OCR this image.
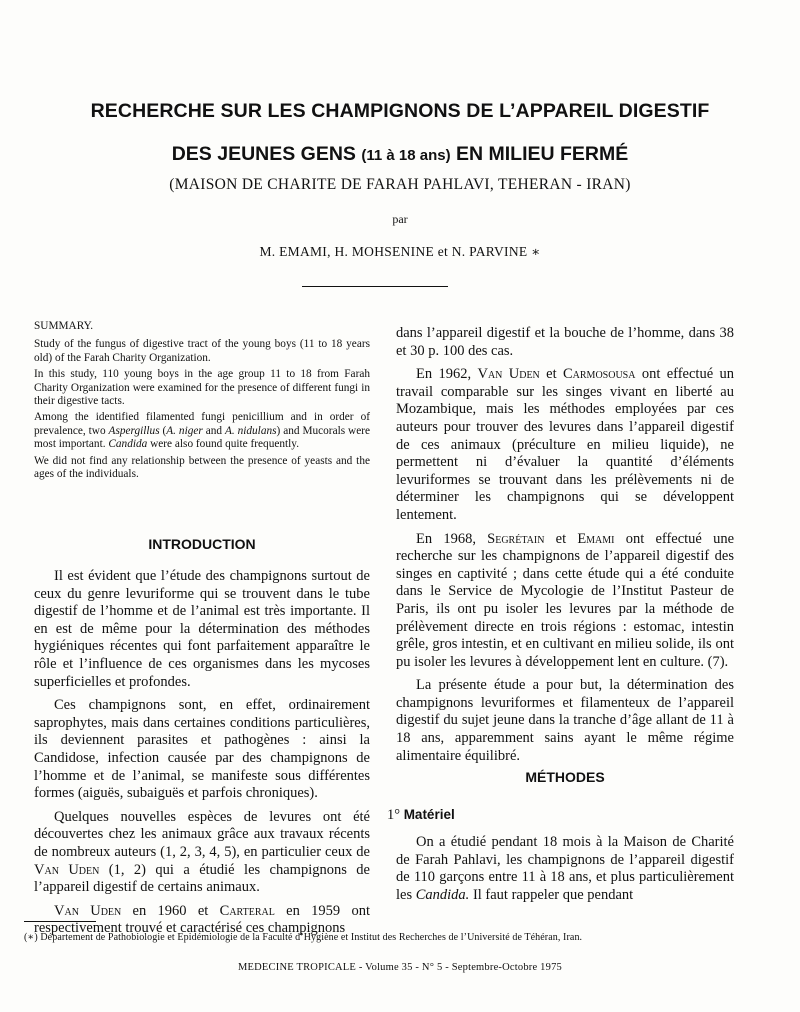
RECHERCHE SUR LES CHAMPIGNONS DE L’APPAREIL DIGESTIF
DES JEUNES GENS (11 à 18 ans) EN MILIEU FERMÉ
(MAISON DE CHARITE DE FARAH PAHLAVI, TEHERAN - IRAN)
par
M. EMAMI, H. MOHSENINE et N. PARVINE ∗
SUMMARY.

Study of the fungus of digestive tract of the young boys (11 to 18 years old) of the Farah Charity Organization.

In this study, 110 young boys in the age group 11 to 18 from Farah Charity Organization were examined for the presence of different fungi in their digestive tacts.

Among the identified filamented fungi penicillium and in order of prevalence, two Aspergillus (A. niger and A. nidulans) and Mucorals were most important. Candida were also found quite frequently.

We did not find any relationship between the presence of yeasts and the ages of the individuals.

INTRODUCTION

Il est évident que l’étude des champignons surtout de ceux du genre levuriforme qui se trouvent dans le tube digestif de l’homme et de l’animal est très importante. Il en est de même pour la détermination des méthodes hygiéniques récentes qui font parfaitement apparaître le rôle et l’influence de ces organismes dans les mycoses superficielles et profondes.

Ces champignons sont, en effet, ordinairement saprophytes, mais dans certaines conditions particulières, ils deviennent parasites et pathogènes : ainsi la Candidose, infection causée par des champignons de l’homme et de l’animal, se manifeste sous différentes formes (aiguës, subaiguës et parfois chroniques).

Quelques nouvelles espèces de levures ont été découvertes chez les animaux grâce aux travaux récents de nombreux auteurs (1, 2, 3, 4, 5), en particulier ceux de Van Uden (1, 2) qui a étudié les champignons de l’appareil digestif de certains animaux.

Van Uden en 1960 et Carteral en 1959 ont respectivement trouvé et caractérisé ces champignons

dans l’appareil digestif et la bouche de l’homme, dans 38 et 30 p. 100 des cas.

En 1962, Van Uden et Carmosousa ont effectué un travail comparable sur les singes vivant en liberté au Mozambique, mais les méthodes employées par ces auteurs pour trouver des levures dans l’appareil digestif de ces animaux (préculture en milieu liquide), ne permettent ni d’évaluer la quantité d’éléments levuriformes se trouvant dans les prélèvements ni de déterminer les champignons qui se développent lentement.

En 1968, Segrétain et Emami ont effectué une recherche sur les champignons de l’appareil digestif des singes en captivité ; dans cette étude qui a été conduite dans le Service de Mycologie de l’Institut Pasteur de Paris, ils ont pu isoler les levures par la méthode de prélèvement directe en trois régions : estomac, intestin grêle, gros intestin, et en cultivant en milieu solide, ils ont pu isoler les levures à développement lent en culture. (7).

La présente étude a pour but, la détermination des champignons levuriformes et filamenteux de l’appareil digestif du sujet jeune dans la tranche d’âge allant de 11 à 18 ans, apparemment sains ayant le même régime alimentaire équilibré.

MÉTHODES
1° Matériel

On a étudié pendant 18 mois à la Maison de Charité de Farah Pahlavi, les champignons de l’appareil digestif de 110 garçons entre 11 à 18 ans, et plus particulièrement les Candida. Il faut rappeler que pendant

(∗) Département de Pathobiologie et Epidémiologie de la Faculté d’Hygiène et Institut des Recherches de l’Université de Téhéran, Iran.
MEDECINE TROPICALE - Volume 35 - N° 5 - Septembre-Octobre 1975
